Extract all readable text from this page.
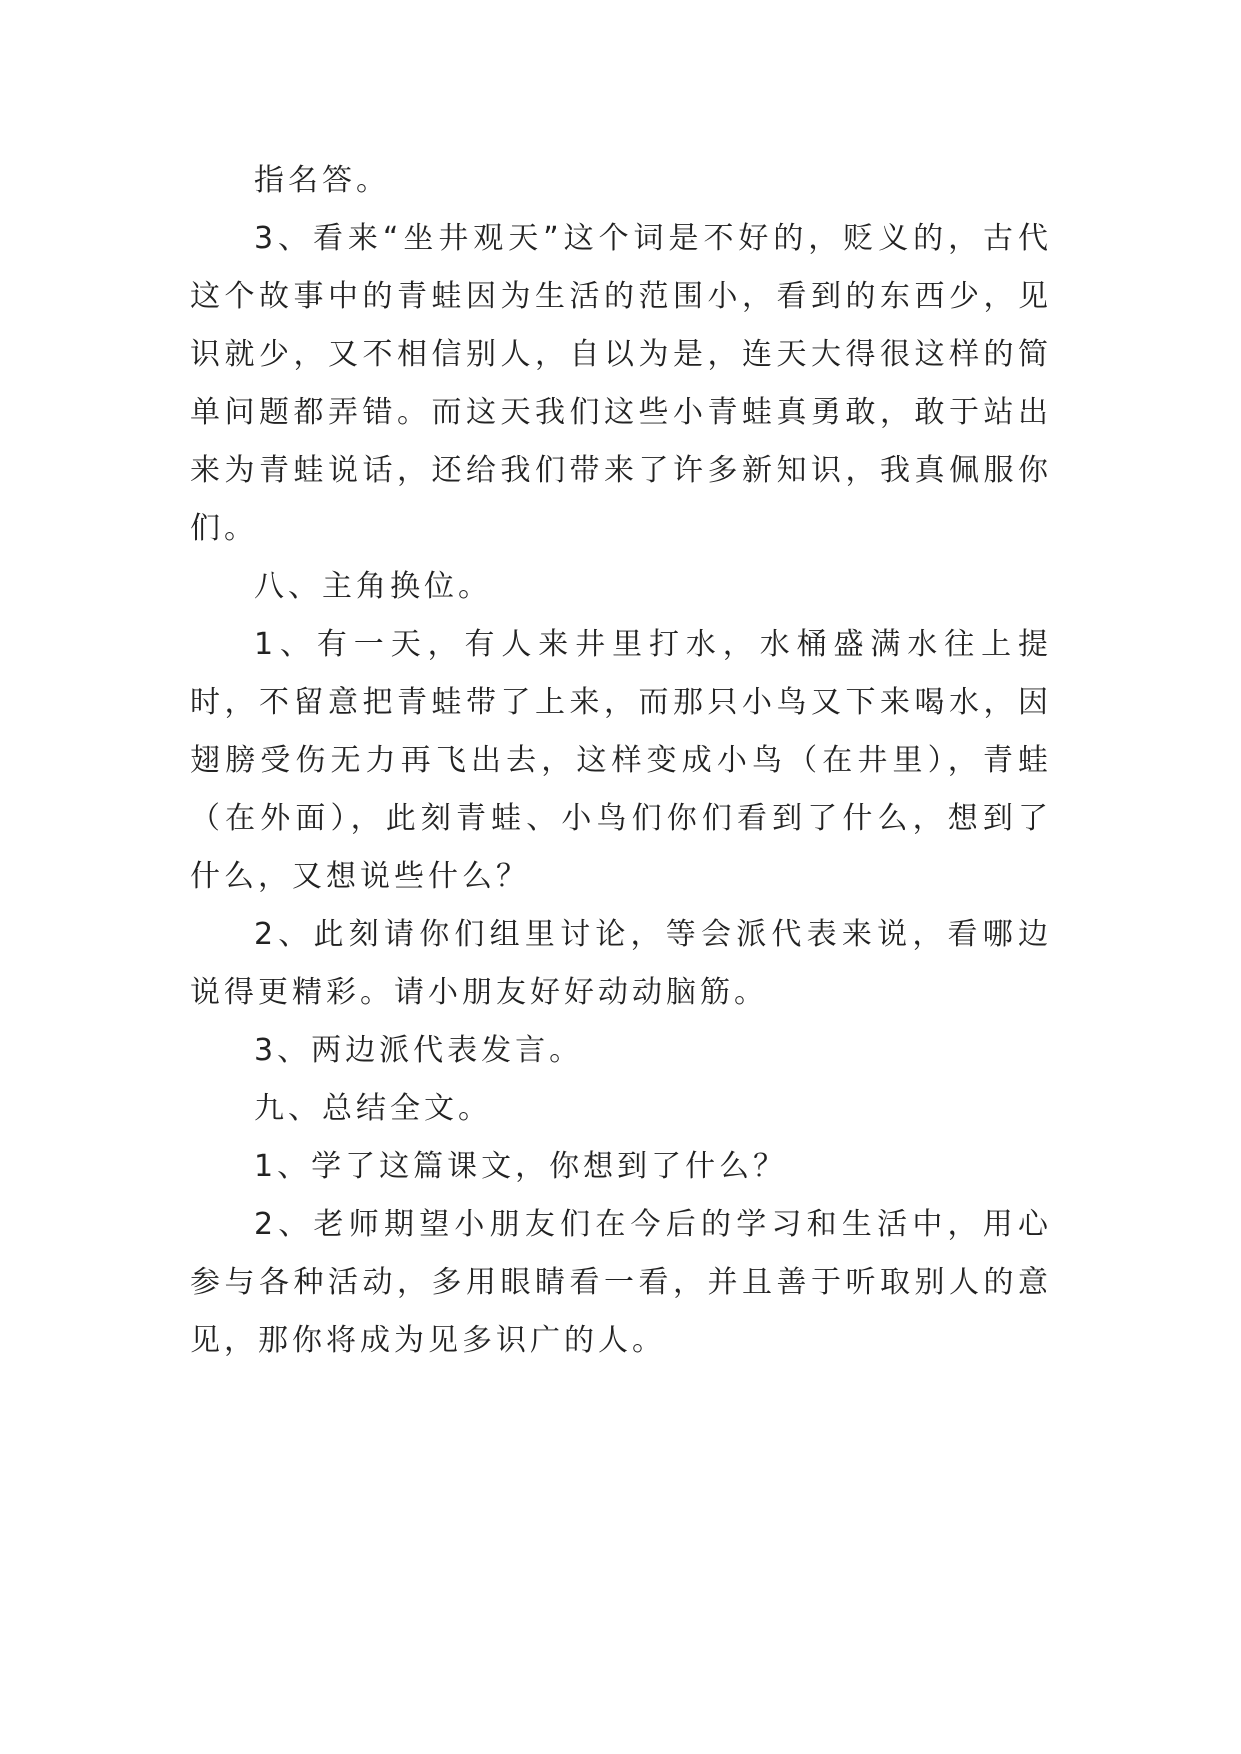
指名答。

3、看来“坐井观天”这个词是不好的，贬义的，古代这个故事中的青蛙因为生活的范围小，看到的东西少，见识就少，又不相信别人，自以为是，连天大得很这样的简单问题都弄错。而这天我们这些小青蛙真勇敢，敢于站出来为青蛙说话，还给我们带来了许多新知识，我真佩服你们。

八、主角换位。

1、有一天，有人来井里打水，水桶盛满水往上提时，不留意把青蛙带了上来，而那只小鸟又下来喝水，因翅膀受伤无力再飞出去，这样变成小鸟（在井里），青蛙（在外面），此刻青蛙、小鸟们你们看到了什么，想到了什么，又想说些什么？

2、此刻请你们组里讨论，等会派代表来说，看哪边说得更精彩。请小朋友好好动动脑筋。

3、两边派代表发言。

九、总结全文。

1、学了这篇课文，你想到了什么？

2、老师期望小朋友们在今后的学习和生活中，用心参与各种活动，多用眼睛看一看，并且善于听取别人的意见，那你将成为见多识广的人。
